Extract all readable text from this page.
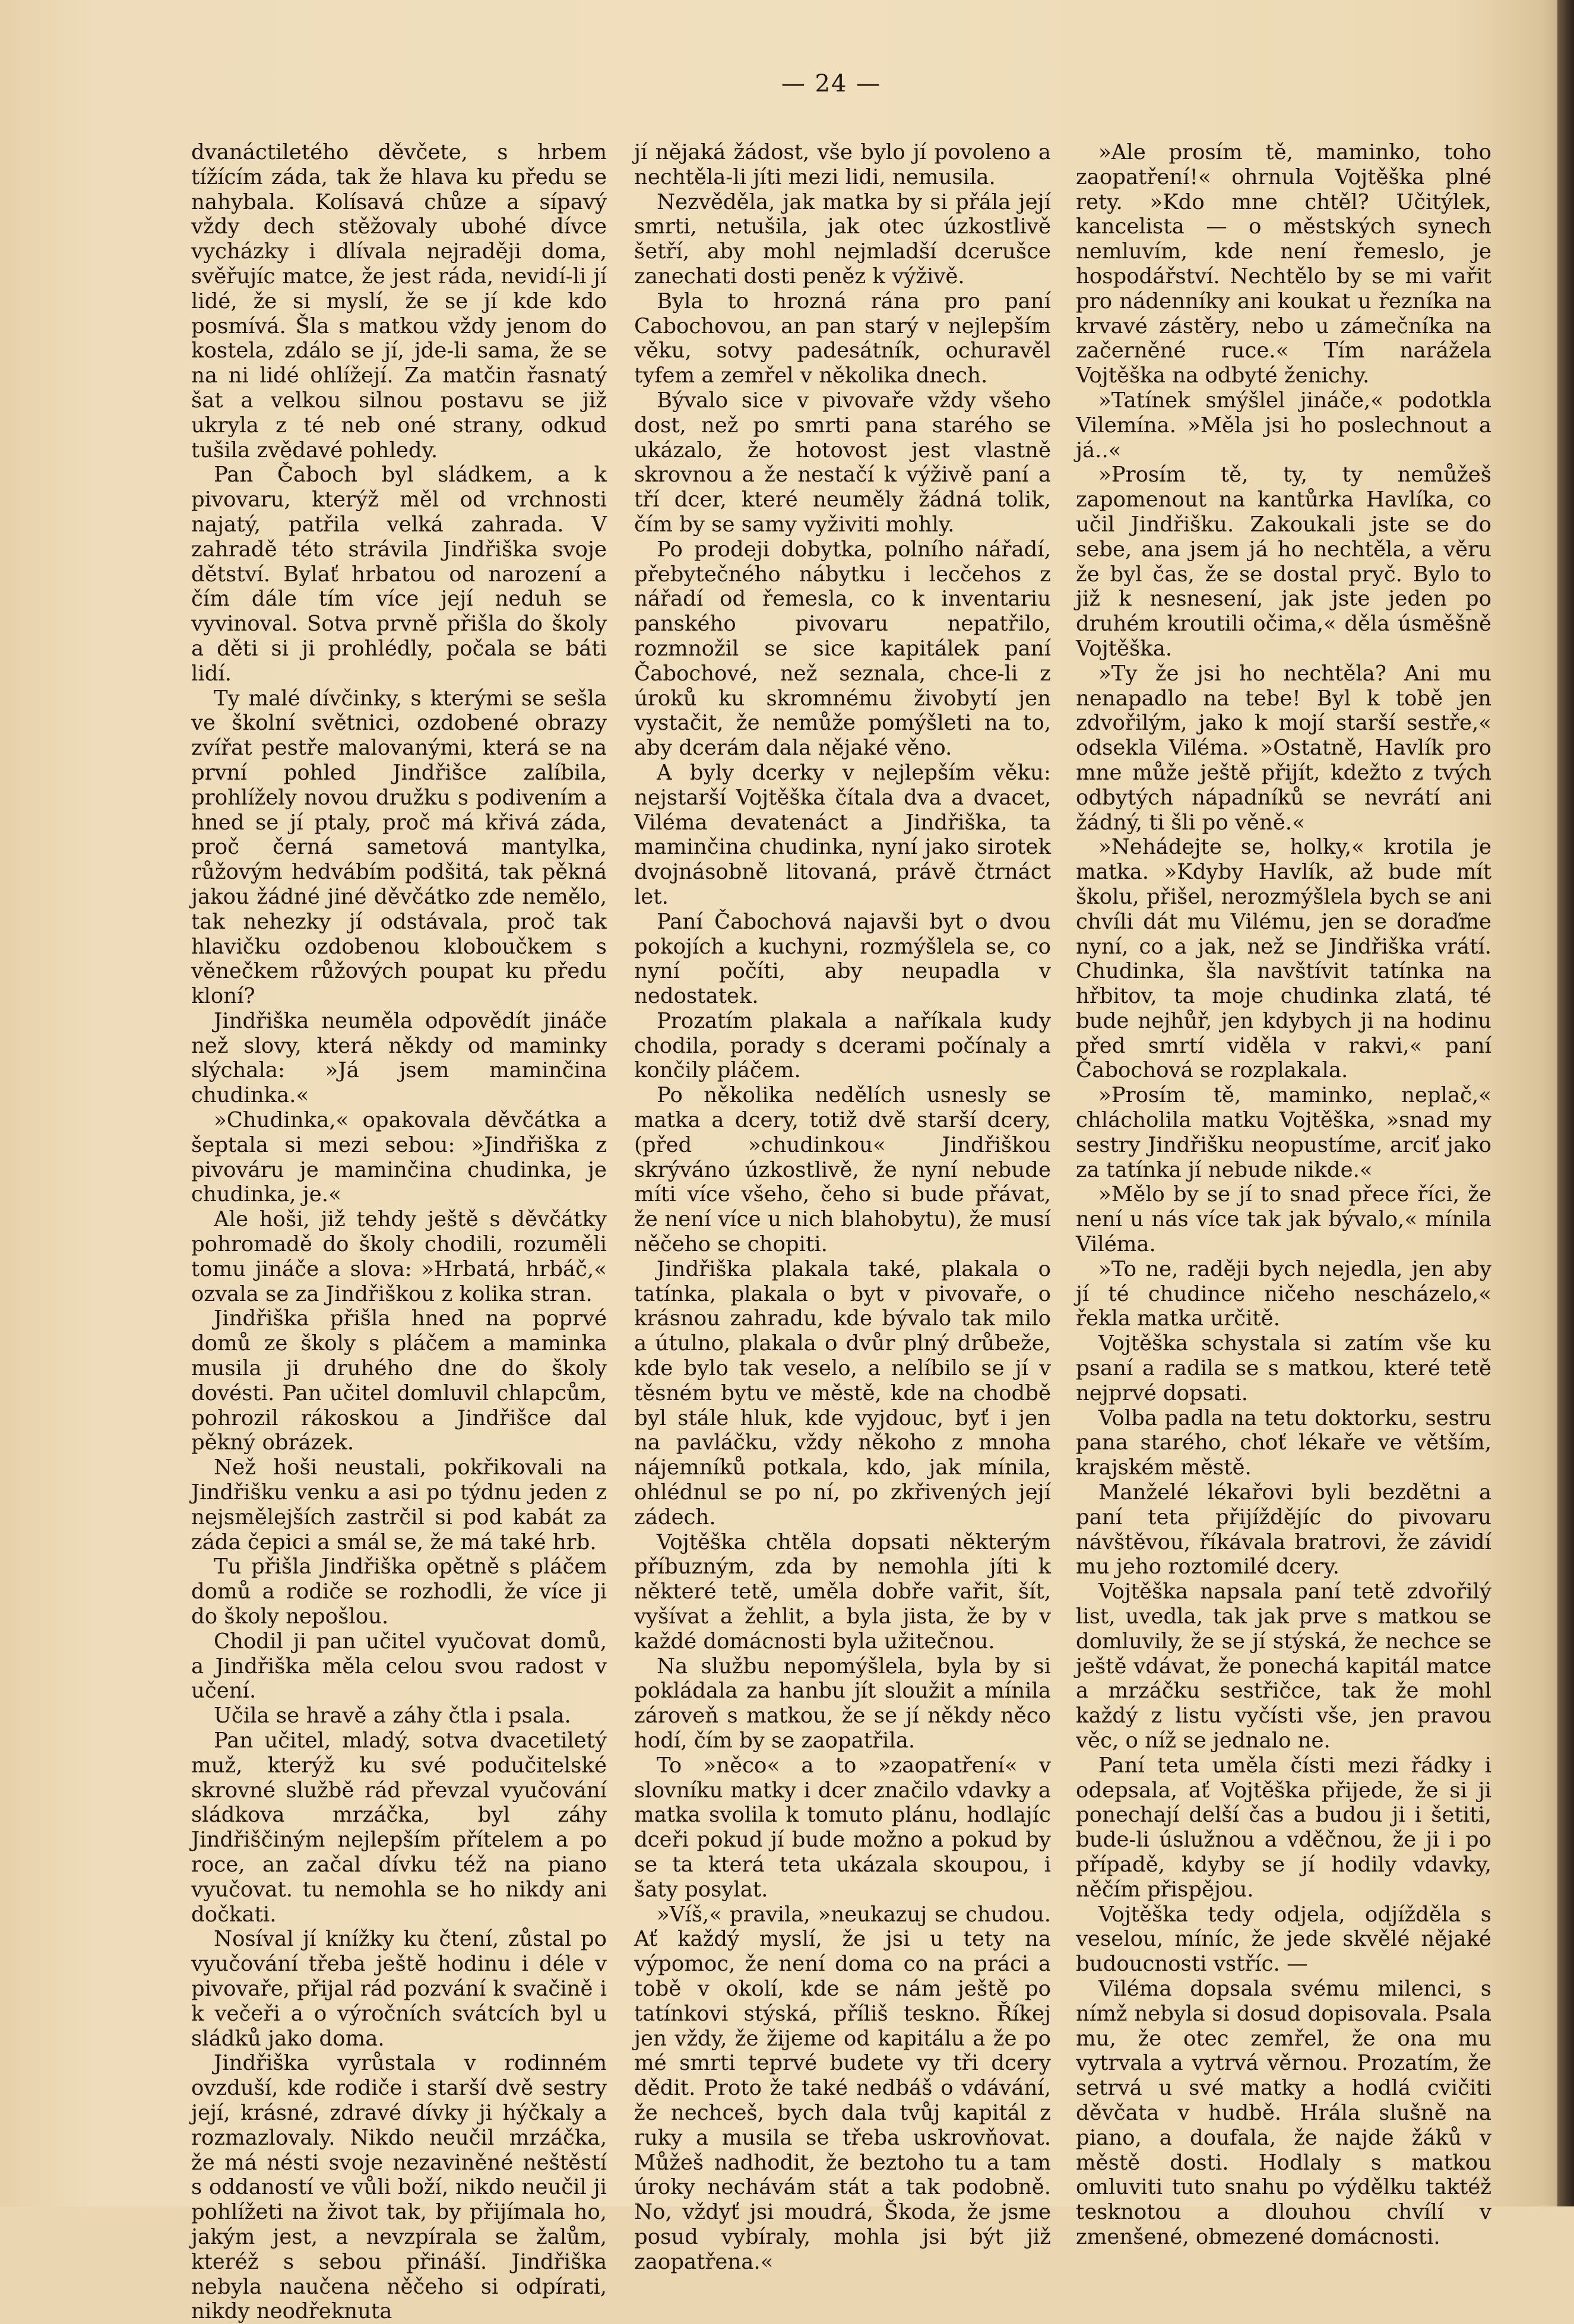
— 24 —

dvanáctiletého děvčete, s hrbem tížícím záda, tak že hlava ku předu se nahybala. Kolísavá chůze a sípavý vždy dech stěžovaly ubohé dívce vycházky i dlívala nejraději doma, svěřujíc matce, že jest ráda, nevidí-li jí lidé, že si myslí, že se jí kde kdo posmívá. Šla s matkou vždy jenom do kostela, zdálo se jí, jde-li sama, že se na ni lidé ohlížejí. Za matčin řasnatý šat a velkou silnou postavu se již ukryla z té neb oné strany, odkud tušila zvědavé pohledy.

Pan Čaboch byl sládkem, a k pivovaru, kterýž měl od vrchnosti najatý, patřila velká zahrada. V zahradě této strávila Jindřiška svoje dětství. Bylať hrbatou od narození a čím dále tím více její neduh se vyvinoval. Sotva prvně přišla do školy a děti si ji prohlédly, počala se báti lidí.

Ty malé dívčinky, s kterými se sešla ve školní světnici, ozdobené obrazy zvířat pestře malovanými, která se na první pohled Jindřišce zalíbila, prohlížely novou družku s podivením a hned se jí ptaly, proč má křivá záda, proč černá sametová mantylka, růžovým hedvábím podšitá, tak pěkná jakou žádné jiné děvčátko zde nemělo, tak nehezky jí odstávala, proč tak hlavičku ozdobenou kloboučkem s věnečkem růžových poupat ku předu kloní?

Jindřiška neuměla odpovědít jináče než slovy, která někdy od maminky slýchala: »Já jsem maminčina chudinka.«

»Chudinka,« opakovala děvčátka a šeptala si mezi sebou: »Jindřiška z pivováru je maminčina chudinka, je chudinka, je.«

Ale hoši, již tehdy ještě s děvčátky pohromadě do školy chodili, rozuměli tomu jináče a slova: »Hrbatá, hrbáč,« ozvala se za Jindřiškou z kolika stran.

Jindřiška přišla hned na poprvé domů ze školy s pláčem a maminka musila ji druhého dne do školy dovésti. Pan učitel domluvil chlapcům, pohrozil rákoskou a Jindřišce dal pěkný obrázek.

Než hoši neustali, pokřikovali na Jindřišku venku a asi po týdnu jeden z nejsmělejších zastrčil si pod kabát za záda čepici a smál se, že má také hrb.

Tu přišla Jindřiška opětně s pláčem domů a rodiče se rozhodli, že více ji do školy nepošlou.

Chodil ji pan učitel vyučovat domů, a Jindřiška měla celou svou radost v učení.

Učila se hravě a záhy čtla i psala.

Pan učitel, mladý, sotva dvacetiletý muž, kterýž ku své podučitelské skrovné službě rád převzal vyučování sládkova mrzáčka, byl záhy Jindřiščiným nejlepším přítelem a po roce, an začal dívku též na piano vyučovat. tu nemohla se ho nikdy ani dočkati.

Nosíval jí knížky ku čtení, zůstal po vyučování třeba ještě hodinu i déle v pivovaře, přijal rád pozvání k svačině i k večeři a o výročních svátcích byl u sládků jako doma.

Jindřiška vyrůstala v rodinném ovzduší, kde rodiče i starší dvě sestry její, krásné, zdravé dívky ji hýčkaly a rozmazlovaly. Nikdo neučil mrzáčka, že má nésti svoje nezaviněné neštěstí s oddaností ve vůli boží, nikdo neučil ji pohlížeti na život tak, by přijímala ho, jakým jest, a nevzpírala se žalům, kteréž s sebou přináší. Jindřiška nebyla naučena něčeho si odpírati, nikdy neodřeknuta

jí nějaká žádost, vše bylo jí povoleno a nechtěla-li jíti mezi lidi, nemusila.

Nezvěděla, jak matka by si přála její smrti, netušila, jak otec úzkostlivě šetří, aby mohl nejmladší dcerušce zanechati dosti peněz k výživě.

Byla to hrozná rána pro paní Cabochovou, an pan starý v nejlepším věku, sotvy padesátník, ochuravěl tyfem a zemřel v několika dnech.

Bývalo sice v pivovaře vždy všeho dost, než po smrti pana starého se ukázalo, že hotovost jest vlastně skrovnou a že nestačí k výživě paní a tří dcer, které neuměly žádná tolik, čím by se samy vyživiti mohly.

Po prodeji dobytka, polního nářadí, přebytečného nábytku i lecčehos z nářadí od řemesla, co k inventariu panského pivovaru nepatřilo, rozmnožil se sice kapitálek paní Čabochové, než seznala, chce-li z úroků ku skromnému živobytí jen vystačit, že nemůže pomýšleti na to, aby dcerám dala nějaké věno.

A byly dcerky v nejlepším věku: nejstarší Vojtěška čítala dva a dvacet, Viléma devatenáct a Jindřiška, ta maminčina chudinka, nyní jako sirotek dvojnásobně litovaná, právě čtrnáct let.

Paní Čabochová najavši byt o dvou pokojích a kuchyni, rozmýšlela se, co nyní počíti, aby neupadla v nedostatek.

Prozatím plakala a naříkala kudy chodila, porady s dcerami počínaly a končily pláčem.

Po několika nedělích usnesly se matka a dcery, totiž dvě starší dcery, (před »chudinkou« Jindřiškou skrýváno úzkostlivě, že nyní nebude míti více všeho, čeho si bude přávat, že není více u nich blahobytu), že musí něčeho se chopiti.

Jindřiška plakala také, plakala o tatínka, plakala o byt v pivovaře, o krásnou zahradu, kde bývalo tak milo a útulno, plakala o dvůr plný drůbeže, kde bylo tak veselo, a nelíbilo se jí v těsném bytu ve městě, kde na chodbě byl stále hluk, kde vyjdouc, byť i jen na pavláčku, vždy někoho z mnoha nájemníků potkala, kdo, jak mínila, ohlédnul se po ní, po zkřivených její zádech.

Vojtěška chtěla dopsati některým příbuzným, zda by nemohla jíti k některé tetě, uměla dobře vařit, šít, vyšívat a žehlit, a byla jista, že by v každé domácnosti byla užitečnou.

Na službu nepomýšlela, byla by si pokládala za hanbu jít sloužit a mínila zároveň s matkou, že se jí někdy něco hodí, čím by se zaopatřila.

To »něco« a to »zaopatření« v slovníku matky i dcer značilo vdavky a matka svolila k tomuto plánu, hodlajíc dceři pokud jí bude možno a pokud by se ta která teta ukázala skoupou, i šaty posylat.

»Víš,« pravila, »neukazuj se chudou. Ať každý myslí, že jsi u tety na výpomoc, že není doma co na práci a tobě v okolí, kde se nám ještě po tatínkovi stýská, příliš teskno. Říkej jen vždy, že žijeme od kapitálu a že po mé smrti teprvé budete vy tři dcery dědit. Proto že také nedbáš o vdávání, že nechceš, bych dala tvůj kapitál z ruky a musila se třeba uskrovňovat. Můžeš nadhodit, že beztoho tu a tam úroky nechávám stát a tak podobně. No, vždyť jsi moudrá, Škoda, že jsme posud vybíraly, mohla jsi být již zaopatřena.«

»Ale prosím tě, maminko, toho zaopatření!« ohrnula Vojtěška plné rety. »Kdo mne chtěl? Učitýlek, kancelista — o městských synech nemluvím, kde není řemeslo, je hospodářství. Nechtělo by se mi vařit pro nádenníky ani koukat u řezníka na krvavé zástěry, nebo u zámečníka na začerněné ruce.« Tím narážela Vojtěška na odbyté ženichy.

»Tatínek smýšlel jináče,« podotkla Vilemína. »Měla jsi ho poslechnout a já..«

»Prosím tě, ty, ty nemůžeš zapomenout na kantůrka Havlíka, co učil Jindřišku. Zakoukali jste se do sebe, ana jsem já ho nechtěla, a věru že byl čas, že se dostal pryč. Bylo to již k nesnesení, jak jste jeden po druhém kroutili očima,« děla úsměšně Vojtěška.

»Ty že jsi ho nechtěla? Ani mu nenapadlo na tebe! Byl k tobě jen zdvořilým, jako k mojí starší sestře,« odsekla Viléma. »Ostatně, Havlík pro mne může ještě přijít, kdežto z tvých odbytých nápadníků se nevrátí ani žádný, ti šli po věně.«

»Nehádejte se, holky,« krotila je matka. »Kdyby Havlík, až bude mít školu, přišel, nerozmýšlela bych se ani chvíli dát mu Vilému, jen se doraďme nyní, co a jak, než se Jindřiška vrátí. Chudinka, šla navštívit tatínka na hřbitov, ta moje chudinka zlatá, té bude nejhůř, jen kdybych ji na hodinu před smrtí viděla v rakvi,« paní Čabochová se rozplakala.

»Prosím tě, maminko, neplač,« chlácholila matku Vojtěška, »snad my sestry Jindřišku neopustíme, arciť jako za tatínka jí nebude nikde.«

»Mělo by se jí to snad přece říci, že není u nás více tak jak bývalo,« mínila Viléma.

»To ne, raději bych nejedla, jen aby jí té chudince ničeho nescházelo,« řekla matka určitě.

Vojtěška schystala si zatím vše ku psaní a radila se s matkou, které tetě nejprvé dopsati.

Volba padla na tetu doktorku, sestru pana starého, choť lékaře ve větším, krajském městě.

Manželé lékařovi byli bezdětni a paní teta přijíždějíc do pivovaru návštěvou, říkávala bratrovi, že závidí mu jeho roztomilé dcery.

Vojtěška napsala paní tetě zdvořilý list, uvedla, tak jak prve s matkou se domluvily, že se jí stýská, že nechce se ještě vdávat, že ponechá kapitál matce a mrzáčku sestřičce, tak že mohl každý z listu vyčísti vše, jen pravou věc, o níž se jednalo ne.

Paní teta uměla čísti mezi řádky i odepsala, ať Vojtěška přijede, že si ji ponechají delší čas a budou ji i šetiti, bude-li úslužnou a vděčnou, že ji i po případě, kdyby se jí hodily vdavky, něčím přispějou.

Vojtěška tedy odjela, odjížděla s veselou, míníc, že jede skvělé nějaké budoucnosti vstříc. —

Viléma dopsala svému milenci, s nímž nebyla si dosud dopisovala. Psala mu, že otec zemřel, že ona mu vytrvala a vytrvá věrnou. Prozatím, že setrvá u své matky a hodlá cvičiti děvčata v hudbě. Hrála slušně na piano, a doufala, že najde žáků v městě dosti. Hodlaly s matkou omluviti tuto snahu po výdělku taktéž tesknotou a dlouhou chvílí v zmenšené, obmezené domácnosti.
